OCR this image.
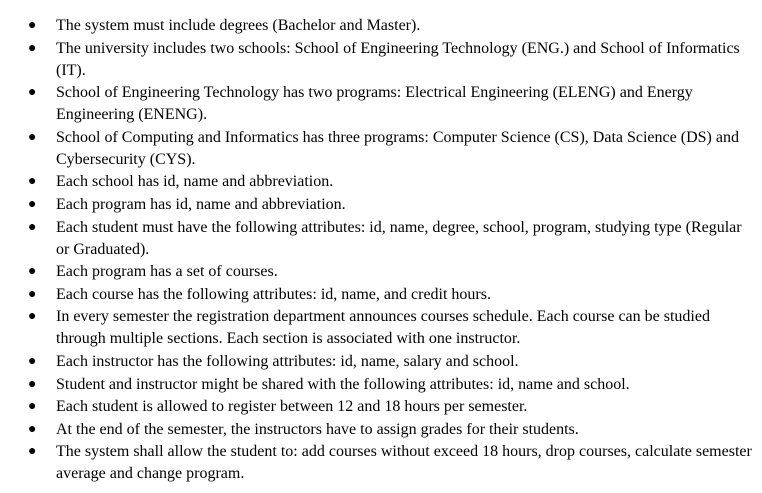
● The system must include degrees (Bachelor and Master).
● The university includes two schools: School of Engineering Technology (ENG.) and School of Informatics (IT).
● School of Engineering Technology has two programs: Electrical Engineering (ELENG) and Energy Engineering (ENENG).
● School of Computing and Informatics has three programs: Computer Science (CS), Data Science (DS) and Cybersecurity (CYS).
● Each school has id, name and abbreviation.
● Each program has id, name and abbreviation.
● Each student must have the following attributes: id, name, degree, school, program, studying type (Regular or Graduated).
● Each program has a set of courses.
● Each course has the following attributes: id, name, and credit hours.
● In every semester the registration department announces courses schedule. Each course can be studied through multiple sections. Each section is associated with one instructor.
● Each instructor has the following attributes: id, name, salary and school.
● Student and instructor might be shared with the following attributes: id, name and school.
● Each student is allowed to register between 12 and 18 hours per semester.
● At the end of the semester, the instructors have to assign grades for their students.
● The system shall allow the student to: add courses without exceed 18 hours, drop courses, calculate semester average and change program.
